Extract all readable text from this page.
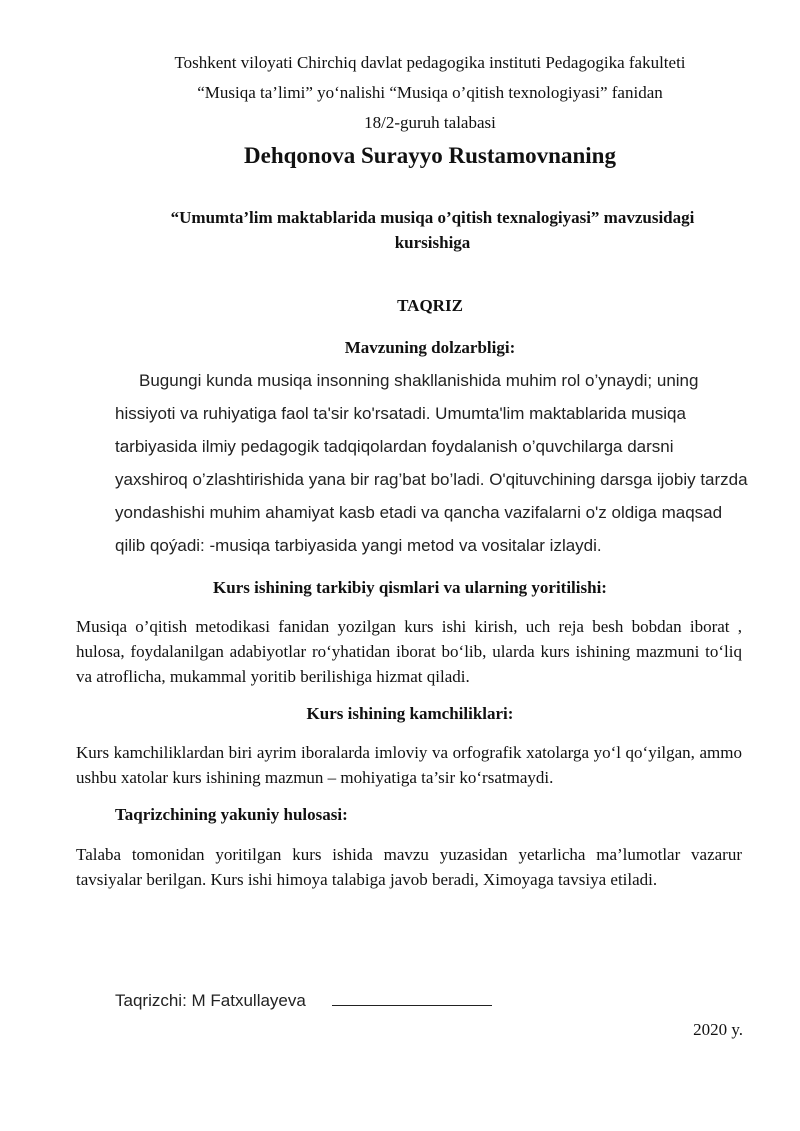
Toshkent viloyati Chirchiq davlat pedagogika instituti Pedagogika fakulteti
“Musiqa ta’limi” yo‘nalishi “Musiqa o’qitish texnologiyasi” fanidan
18/2-guruh talabasi
Dehqonova Surayyo Rustamovnaning
“Umumta’lim maktablarida musiqa o’qitish texnalogiyasi” mavzusidagi kursishiga
TAQRIZ
Mavzuning dolzarbligi:
Bugungi kunda musiqa insonning shakllanishida muhim rol o’ynaydi; uning hissiyoti va ruhiyatiga faol ta'sir ko'rsatadi. Umumta'lim maktablarida musiqa tarbiyasida ilmiy pedagogik tadqiqolardan foydalanish o’quvchilarga darsni yaxshiroq o’zlashtirishida yana bir rag’bat bo’ladi. O'qituvchining darsga ijobiy tarzda yondashishi muhim ahamiyat kasb etadi va qancha vazifalarni o'z oldiga maqsad qilib qoýadi: -musiqa tarbiyasida yangi metod va vositalar izlaydi.
Kurs ishining tarkibiy qismlari va ularning yoritilishi:
Musiqa o’qitish metodikasi fanidan yozilgan kurs ishi kirish, uch reja besh bobdan iborat , hulosa, foydalanilgan adabiyotlar ro‘yhatidan iborat bo‘lib, ularda kurs ishining mazmuni to‘liq va atroflicha, mukammal yoritib berilishiga hizmat qiladi.
Kurs ishining kamchiliklari:
Kurs kamchiliklardan biri ayrim iboralarda imloviy va orfografik xatolarga yo‘l qo‘yilgan, ammo ushbu xatolar kurs ishining mazmun – mohiyatiga ta’sir ko‘rsatmaydi.
Taqrizchining yakuniy hulosasi:
Talaba tomonidan yoritilgan kurs ishida mavzu yuzasidan yetarlicha ma’lumotlar vazarur tavsiyalar berilgan. Kurs ishi himoya talabiga javob beradi, Ximoyaga tavsiya etiladi.
Taqrizchi: M Fatxullayeva
2020 y.
